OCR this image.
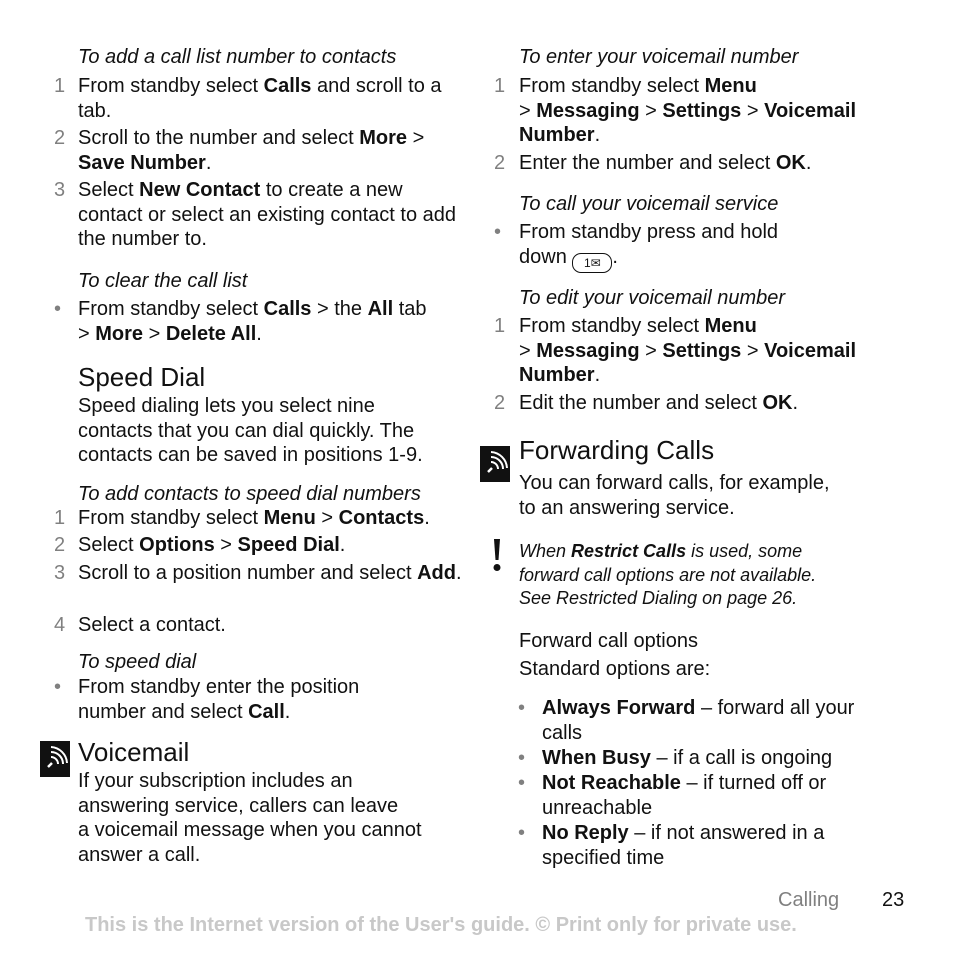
To add a call list number to contacts
1 From standby select Calls and scroll to a tab.
2 Scroll to the number and select More > Save Number.
3 Select New Contact to create a new contact or select an existing contact to add the number to.
To clear the call list
• From standby select Calls > the All tab > More > Delete All.
Speed Dial
Speed dialing lets you select nine
contacts that you can dial quickly. The
contacts can be saved in positions 1-9.
To add contacts to speed dial numbers
1 From standby select Menu > Contacts.
2 Select Options > Speed Dial.
3 Scroll to a position number and select Add.
4 Select a contact.
To speed dial
• From standby enter the position number and select Call.
Voicemail
If your subscription includes an
answering service, callers can leave
a voicemail message when you cannot
answer a call.
To enter your voicemail number
1 From standby select Menu
> Messaging > Settings > Voicemail Number.
2 Enter the number and select OK.
To call your voicemail service
• From standby press and hold down 1✉ .
To edit your voicemail number
1 From standby select Menu
> Messaging > Settings > Voicemail Number.
2 Edit the number and select OK.
Forwarding Calls
You can forward calls, for example,
to an answering service.
When Restrict Calls is used, some
forward call options are not available.
See Restricted Dialing on page 26.
Forward call options
Standard options are:
• Always Forward – forward all your calls
• When Busy – if a call is ongoing
• Not Reachable – if turned off or unreachable
• No Reply – if not answered in a specified time
Calling 23
This is the Internet version of the User's guide. © Print only for private use.
